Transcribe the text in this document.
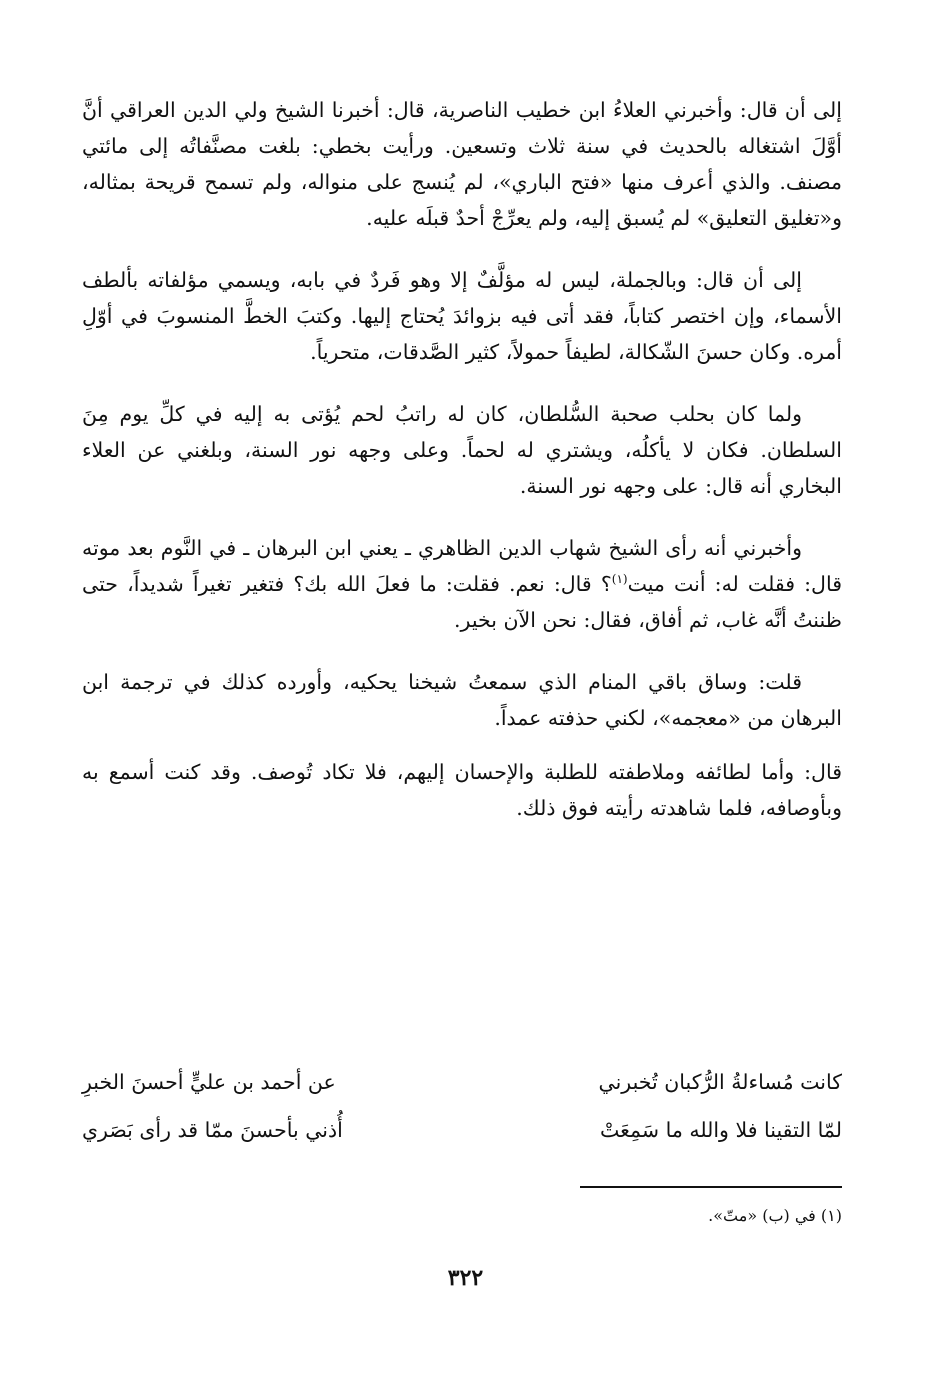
إلى أن قال: وأخبرني العلاءُ ابن خطيب الناصرية، قال: أخبرنا الشيخ ولي الدين العراقي أنَّ أوَّلَ اشتغاله بالحديث في سنة ثلاث وتسعين. ورأيت بخطي: بلغت مصنَّفاتُه إلى مائتي مصنف. والذي أعرف منها «فتح الباري»، لم يُنسج على منواله، ولم تسمح قريحة بمثاله، و«تغليق التعليق» لم يُسبق إليه، ولم يعرِّجْ أحدٌ قبلَه عليه.

إلى أن قال: وبالجملة، ليس له مؤلَّفٌ إلا وهو فَردٌ في بابه، ويسمي مؤلفاته بألطف الأسماء، وإن اختصر كتاباً، فقد أتى فيه بزوائدَ يُحتاج إليها. وكتبَ الخطَّ المنسوبَ في أوّلِ أمره. وكان حسنَ الشّكالة، لطيفاً حمولاً، كثير الصَّدقات، متحرياً.

ولما كان بحلب صحبة السُّلطان، كان له راتبُ لحم يُؤتى به إليه في كلِّ يوم مِنَ السلطان. فكان لا يأكلُه، ويشتري له لحماً. وعلى وجهه نور السنة، وبلغني عن العلاء البخاري أنه قال: على وجهه نور السنة.

وأخبرني أنه رأى الشيخ شهاب الدين الظاهري ـ يعني ابن البرهان ـ في النَّوم بعد موته قال: فقلت له: أنت ميت$^{(١)}$؟ قال: نعم. فقلت: ما فعلَ الله بك؟ فتغير تغيراً شديداً، حتى ظننتُ أنَّه غاب، ثم أفاق، فقال: نحن الآن بخير.

قلت: وساق باقي المنام الذي سمعتُ شيخنا يحكيه، وأورده كذلك في ترجمة ابن البرهان من «معجمه»، لكني حذفته عمداً.

قال: وأما لطائفه وملاطفته للطلبة والإحسان إليهم، فلا تكاد تُوصف. وقد كنت أسمع به وبأوصافه، فلما شاهدته رأيته فوق ذلك.

كانت مُساءلةُ الرُّكبان تُخبرني
عن أحمد بن عليٍّ أحسنَ الخبرِ
لمّا التقينا فلا والله ما سَمِعَتْ
أُذني بأحسنَ ممّا قد رأى بَصَري
(١) في (ب) «متّ».
٣٢٢
